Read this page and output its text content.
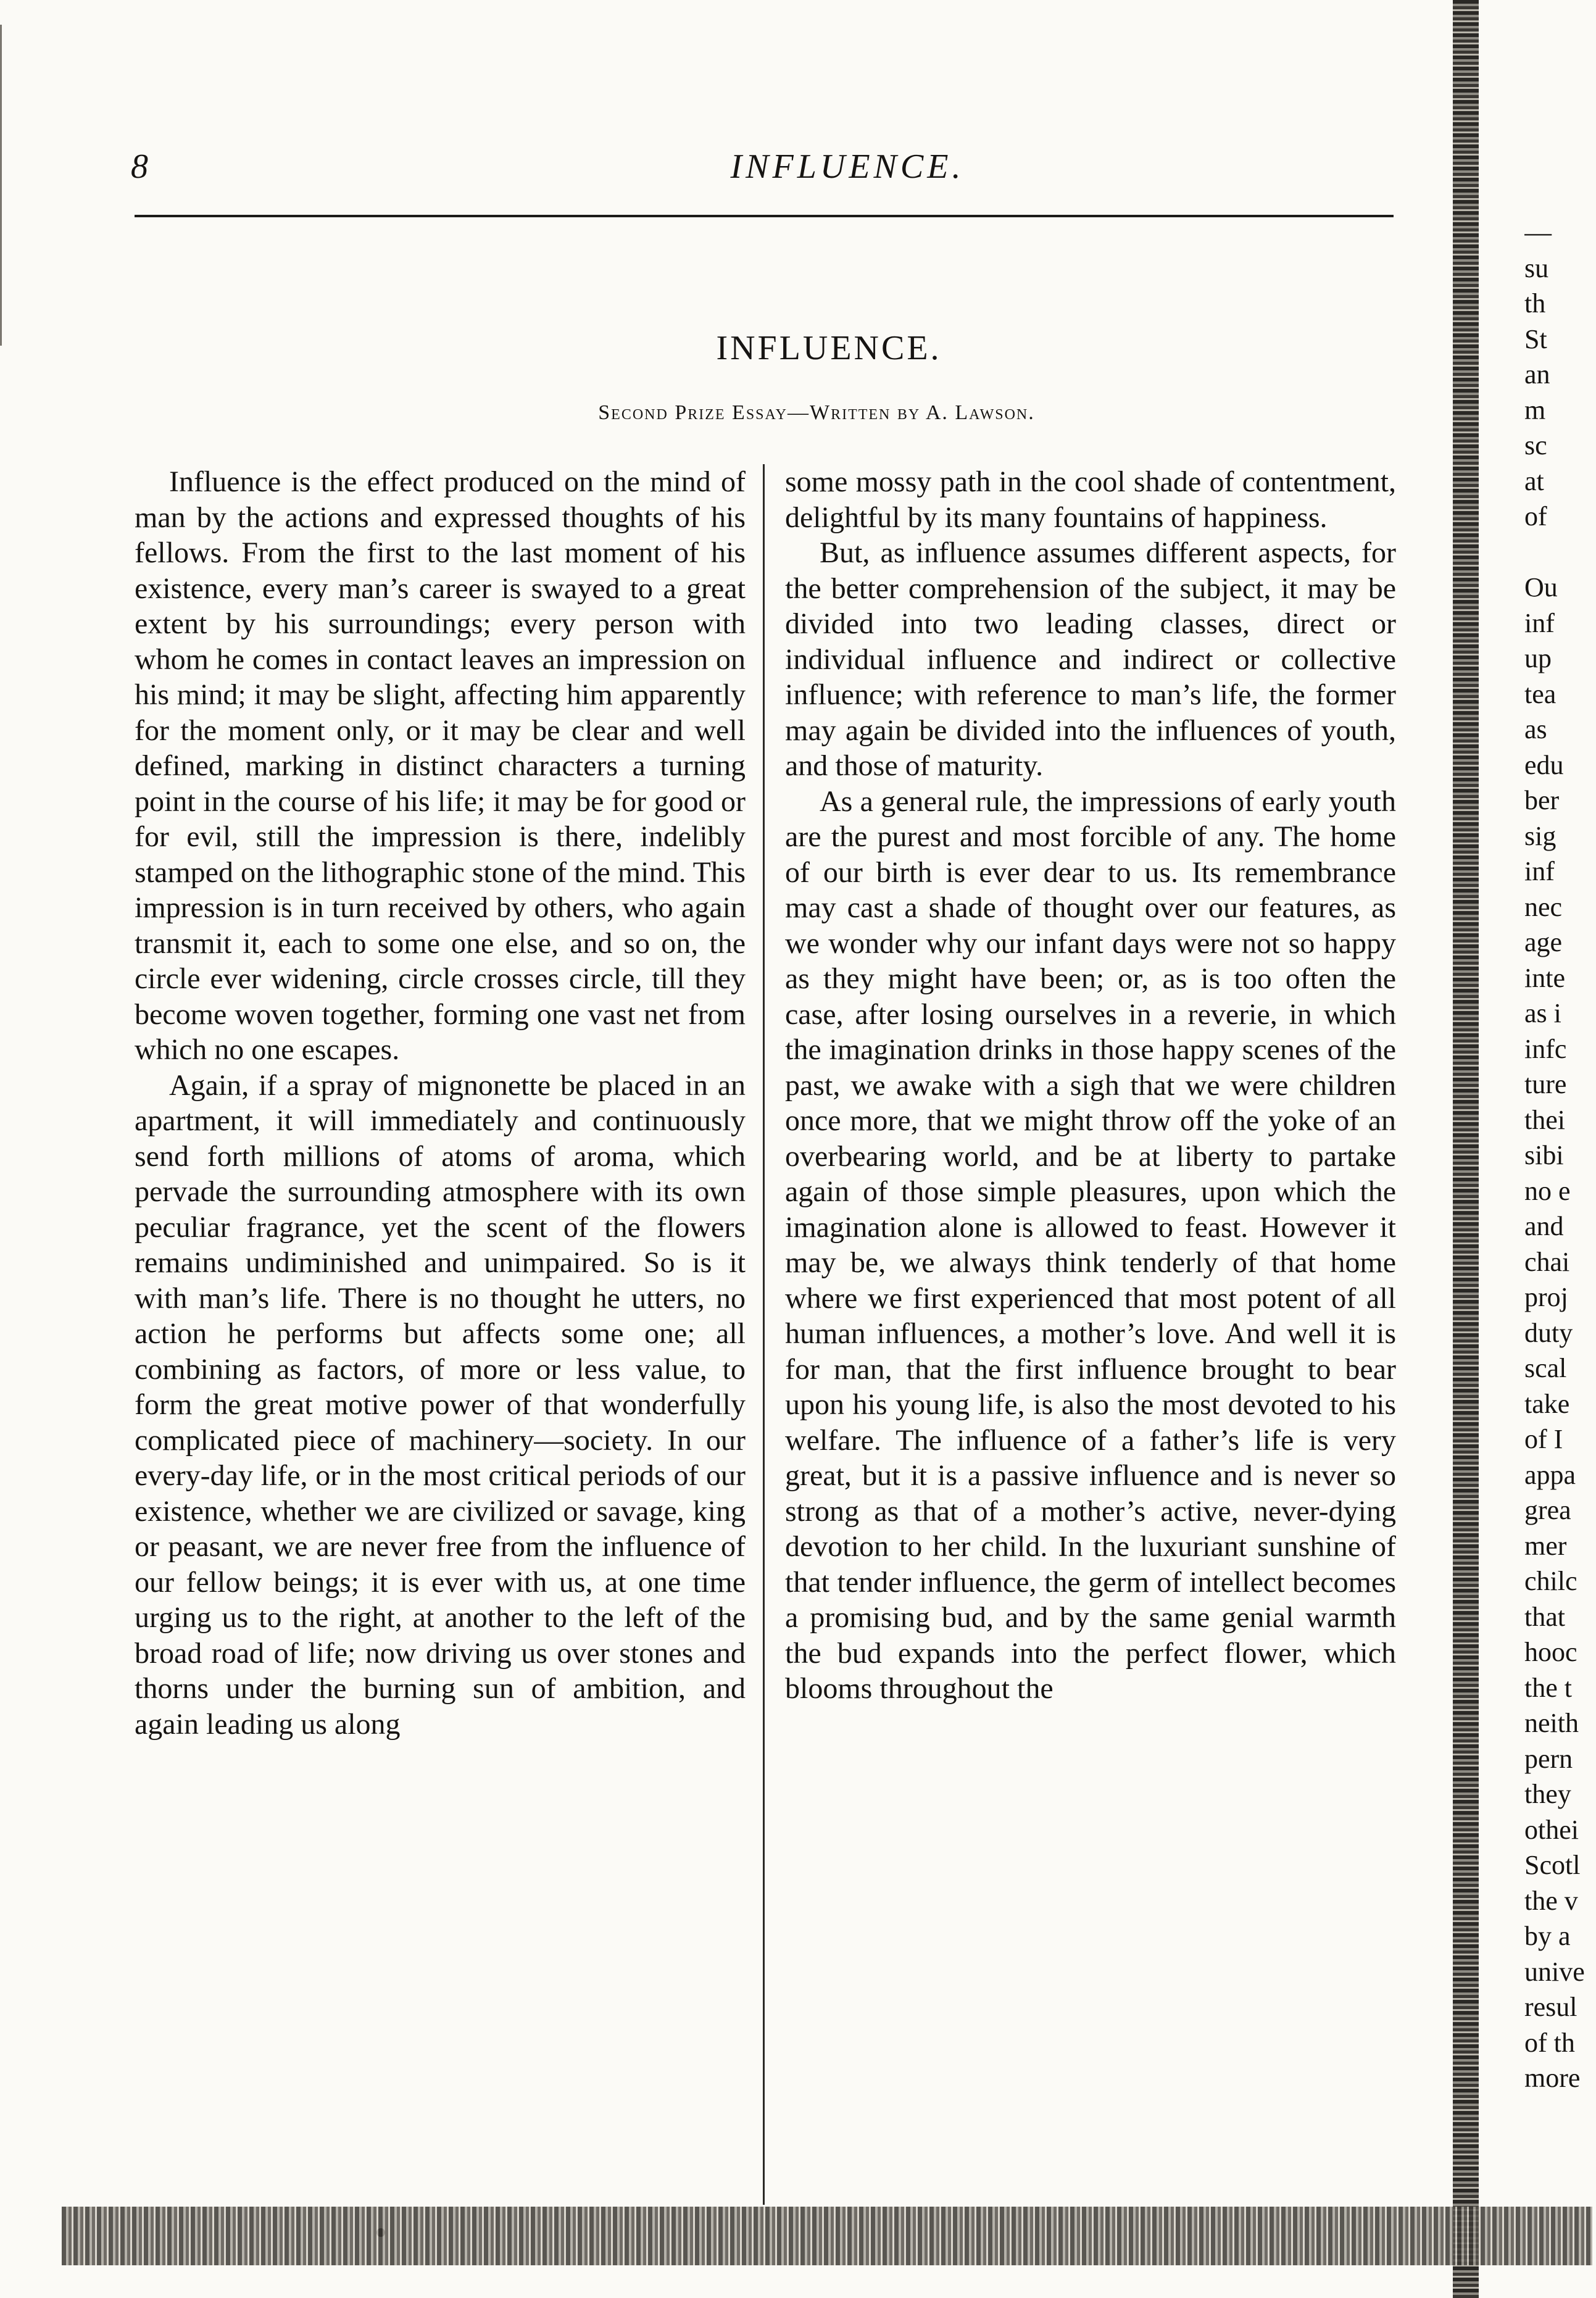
8	INFLUENCE.
INFLUENCE.
Second Prize Essay—Written by A. Lawson.

Influence is the effect produced on the mind of man by the actions and expressed thoughts of his fellows. From the first to the last moment of his existence, every man’s career is swayed to a great extent by his surroundings; every person with whom he comes in contact leaves an impression on his mind; it may be slight, affecting him apparently for the moment only, or it may be clear and well defined, marking in distinct characters a turning point in the course of his life; it may be for good or for evil, still the impression is there, indelibly stamped on the lithographic stone of the mind. This impression is in turn received by others, who again transmit it, each to some one else, and so on, the circle ever widening, circle crosses circle, till they become woven together, forming one vast net from which no one escapes.

Again, if a spray of mignonette be placed in an apartment, it will immediately and continuously send forth millions of atoms of aroma, which pervade the surrounding atmosphere with its own peculiar fragrance, yet the scent of the flowers remains undiminished and unimpaired. So is it with man’s life. There is no thought he utters, no action he performs but affects some one; all combining as factors, of more or less value, to form the great motive power of that wonderfully complicated piece of machinery—society. In our every-day life, or in the most critical periods of our existence, whether we are civilized or savage, king or peasant, we are never free from the influence of our fellow beings; it is ever with us, at one time urging us to the right, at another to the left of the broad road of life; now driving us over stones and thorns under the burning sun of ambition, and again leading us along

some mossy path in the cool shade of contentment, delightful by its many fountains of happiness.

But, as influence assumes different aspects, for the better comprehension of the subject, it may be divided into two leading classes, direct or individual influence and indirect or collective influence; with reference to man’s life, the former may again be divided into the influences of youth, and those of maturity.

As a general rule, the impressions of early youth are the purest and most forcible of any. The home of our birth is ever dear to us. Its remembrance may cast a shade of thought over our features, as we wonder why our infant days were not so happy as they might have been; or, as is too often the case, after losing ourselves in a reverie, in which the imagination drinks in those happy scenes of the past, we awake with a sigh that we were children once more, that we might throw off the yoke of an overbearing world, and be at liberty to partake again of those simple pleasures, upon which the imagination alone is allowed to feast. However it may be, we always think tenderly of that home where we first experienced that most potent of all human influences, a mother’s love. And well it is for man, that the first influence brought to bear upon his young life, is also the most devoted to his welfare. The influence of a father’s life is very great, but it is a passive influence and is never so strong as that of a mother’s active, never-dying devotion to her child. In the luxuriant sunshine of that tender influence, the germ of intellect becomes a promising bud, and by the same genial warmth the bud expands into the perfect flower, which blooms throughout the

—
su
th
St
an
m
sc
at
of
Ou
inf
up
tea
as
edu
ber
sig
inf
nec
age
inte
as i
infc
ture
thei
sibi
no e
and
chai
proj
duty
scal
take
of I
appa
grea
mer
chilc
that
hooc
the t
neith
pern
they
othei
Scotl
the v
by a
unive
resul
of th
more
